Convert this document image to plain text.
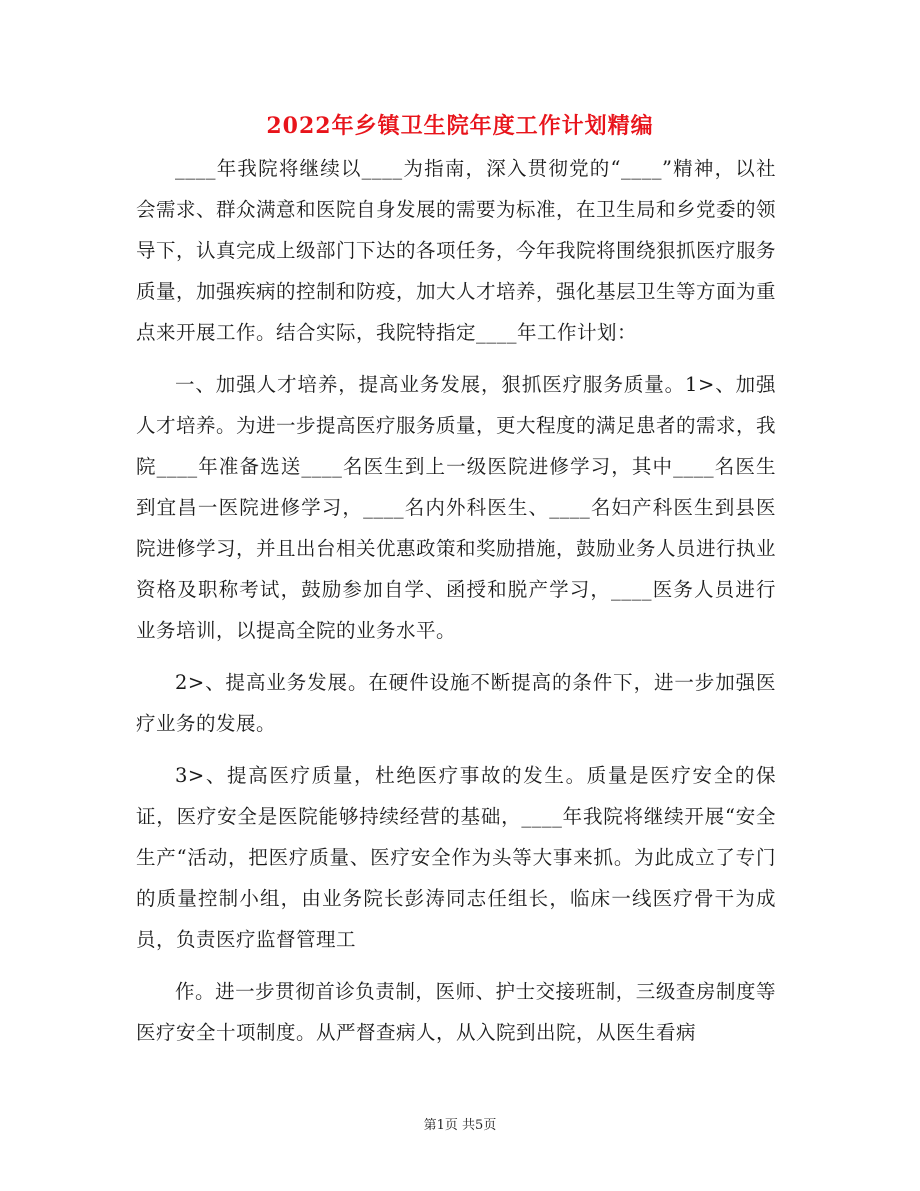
2022年乡镇卫生院年度工作计划精编

____年我院将继续以____为指南，深入贯彻党的“____”精神，以社会需求、群众满意和医院自身发展的需要为标准，在卫生局和乡党委的领导下，认真完成上级部门下达的各项任务，今年我院将围绕狠抓医疗服务质量，加强疾病的控制和防疫，加大人才培养，强化基层卫生等方面为重点来开展工作。结合实际，我院特指定____年工作计划：

一、加强人才培养，提高业务发展，狠抓医疗服务质量。1>、加强人才培养。为进一步提高医疗服务质量，更大程度的满足患者的需求，我院____年准备选送____名医生到上一级医院进修学习，其中____名医生到宜昌一医院进修学习，____名内外科医生、____名妇产科医生到县医院进修学习，并且出台相关优惠政策和奖励措施，鼓励业务人员进行执业资格及职称考试，鼓励参加自学、函授和脱产学习，____医务人员进行业务培训，以提高全院的业务水平。

2>、提高业务发展。在硬件设施不断提高的条件下，进一步加强医疗业务的发展。

3>、提高医疗质量，杜绝医疗事故的发生。质量是医疗安全的保证，医疗安全是医院能够持续经营的基础，____年我院将继续开展“安全生产“活动，把医疗质量、医疗安全作为头等大事来抓。为此成立了专门的质量控制小组，由业务院长彭涛同志任组长，临床一线医疗骨干为成员，负责医疗监督管理工

作。进一步贯彻首诊负责制，医师、护士交接班制，三级查房制度等医疗安全十项制度。从严督查病人，从入院到出院，从医生看病

第1页 共5页
